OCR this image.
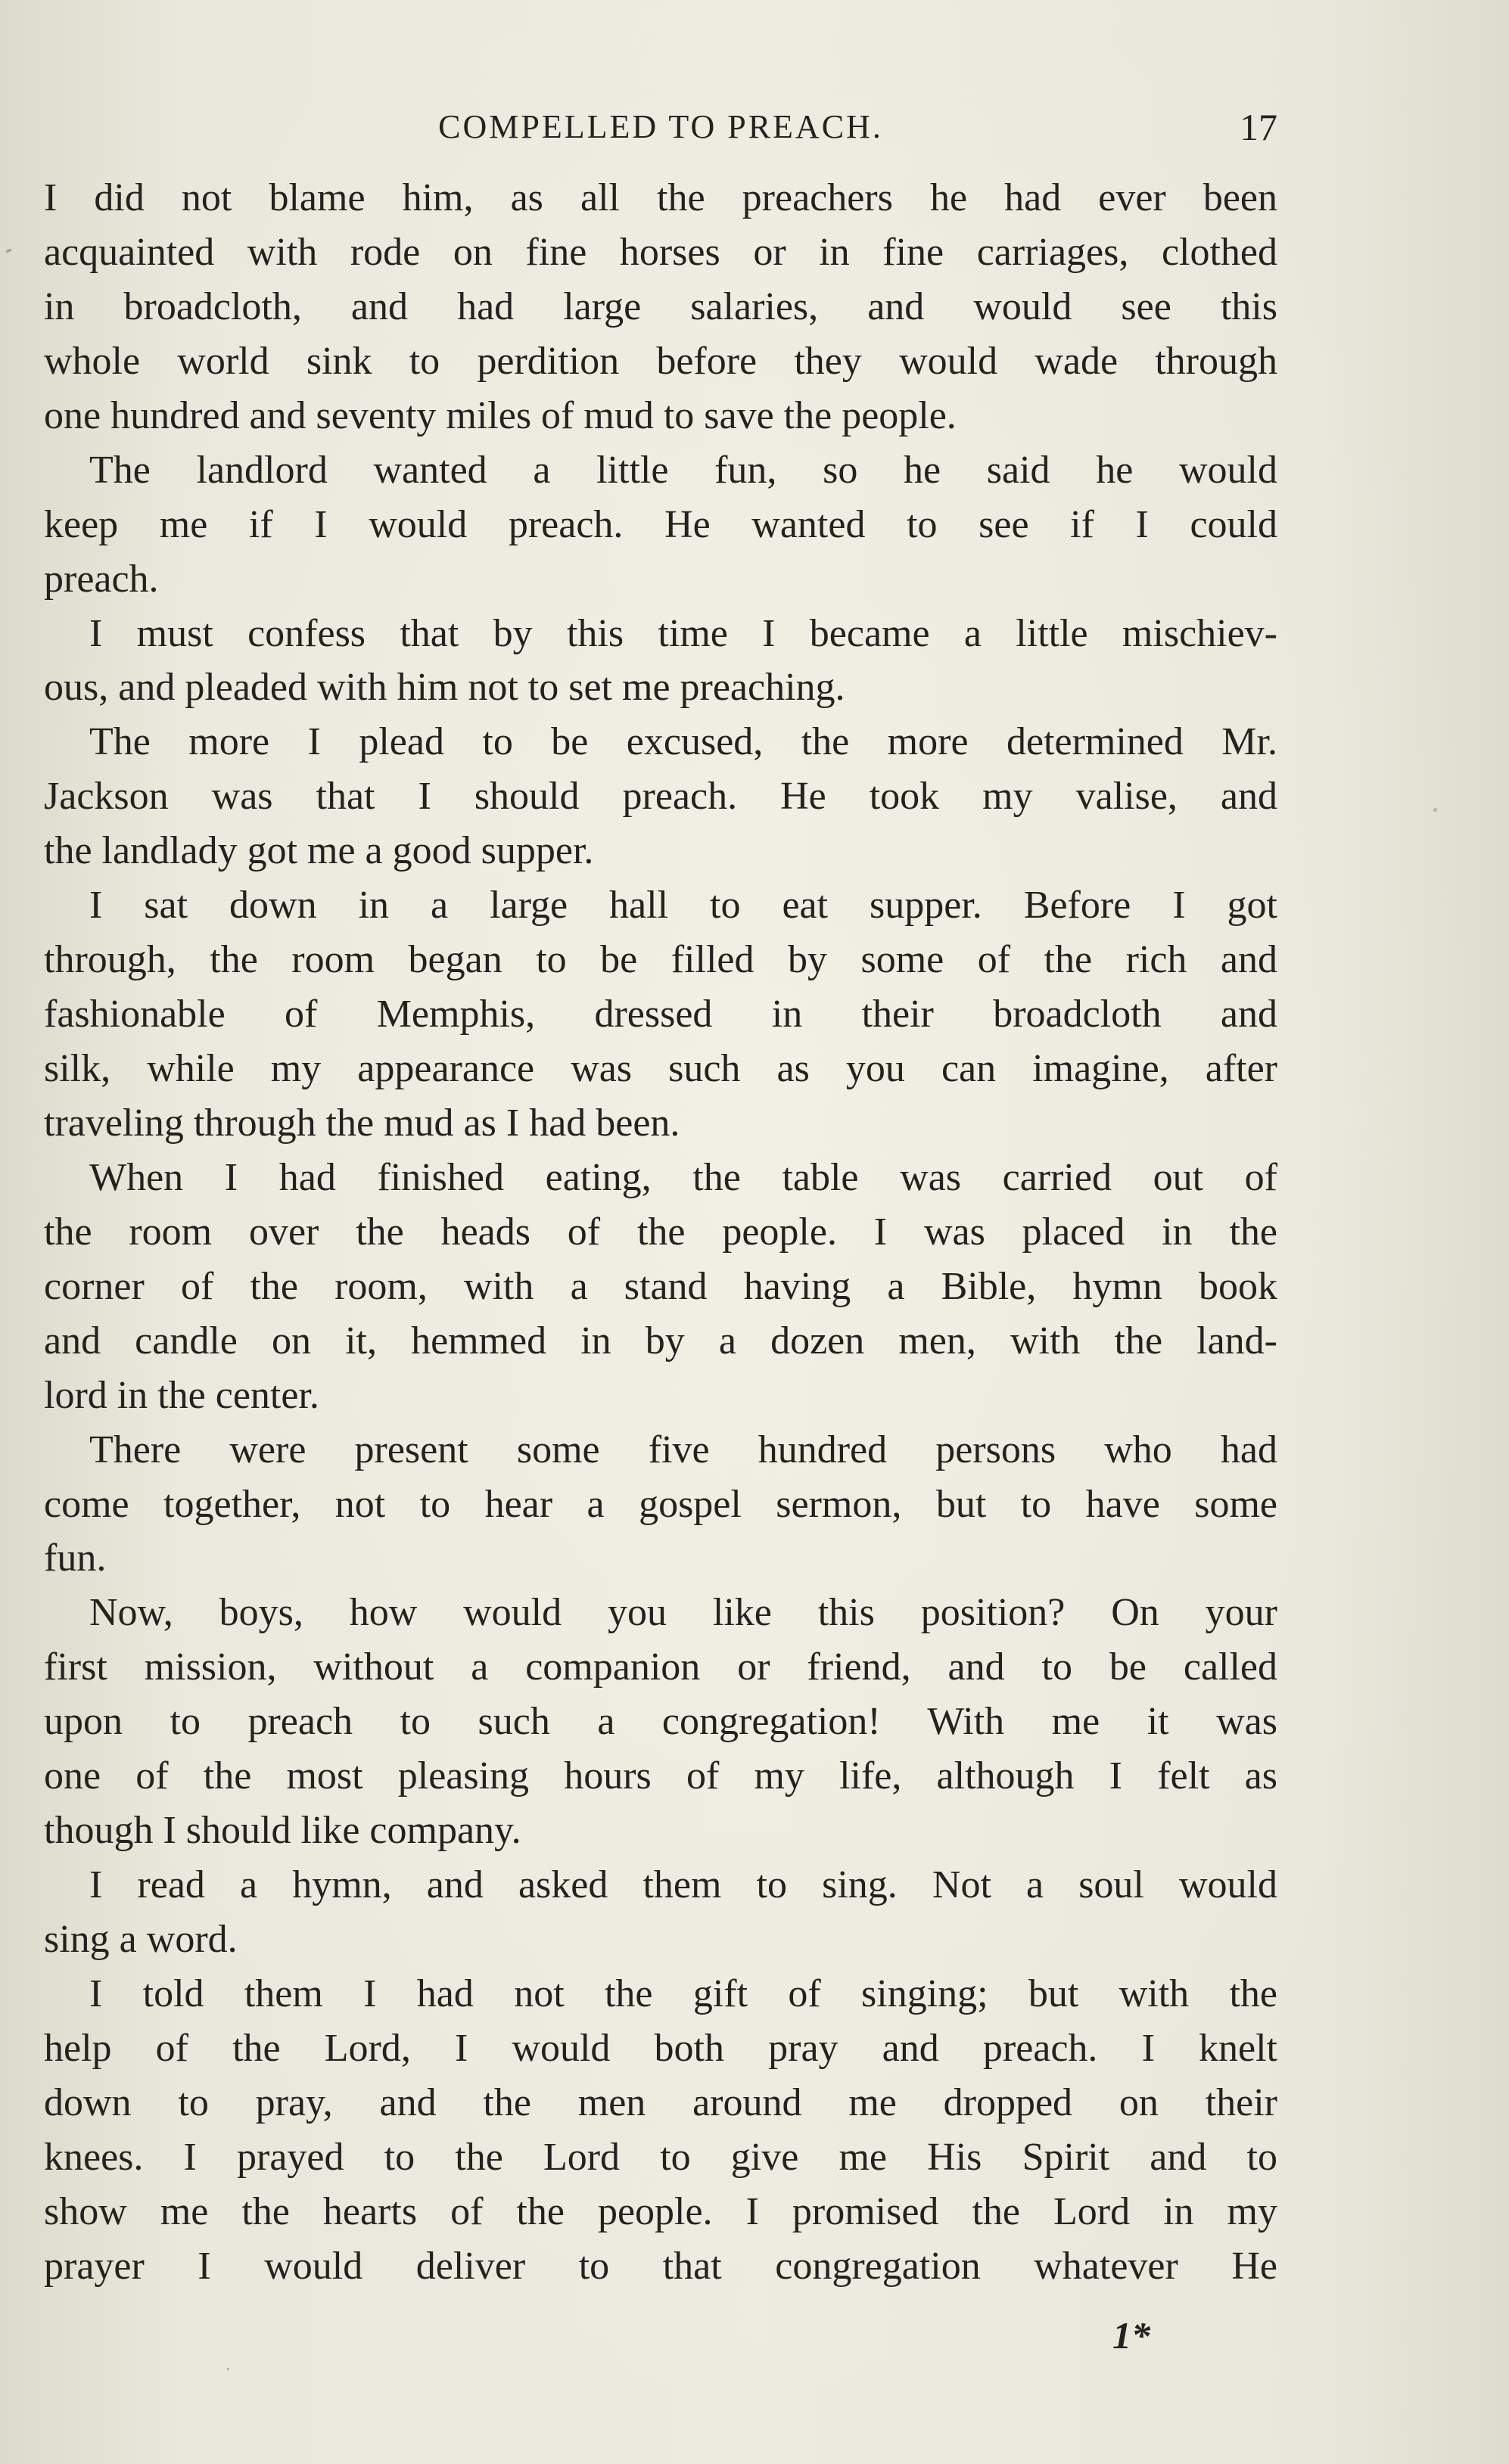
COMPELLED TO PREACH.	17
I did not blame him, as all the preachers he had ever been
acquainted with rode on fine horses or in fine carriages, clothed
in broadcloth, and had large salaries, and would see this
whole world sink to perdition before they would wade through
one hundred and seventy miles of mud to save the people.
The landlord wanted a little fun, so he said he would
keep me if I would preach. He wanted to see if I could
preach.
I must confess that by this time I became a little mischiev-
ous, and pleaded with him not to set me preaching.
The more I plead to be excused, the more determined Mr.
Jackson was that I should preach. He took my valise, and
the landlady got me a good supper.
I sat down in a large hall to eat supper. Before I got
through, the room began to be filled by some of the rich and
fashionable of Memphis, dressed in their broadcloth and
silk, while my appearance was such as you can imagine, after
traveling through the mud as I had been.
When I had finished eating, the table was carried out of
the room over the heads of the people. I was placed in the
corner of the room, with a stand having a Bible, hymn book
and candle on it, hemmed in by a dozen men, with the land-
lord in the center.
There were present some five hundred persons who had
come together, not to hear a gospel sermon, but to have some
fun.
Now, boys, how would you like this position? On your
first mission, without a companion or friend, and to be called
upon to preach to such a congregation! With me it was
one of the most pleasing hours of my life, although I felt as
though I should like company.
I read a hymn, and asked them to sing. Not a soul would
sing a word.
I told them I had not the gift of singing; but with the
help of the Lord, I would both pray and preach. I knelt
down to pray, and the men around me dropped on their
knees. I prayed to the Lord to give me His Spirit and to
show me the hearts of the people. I promised the Lord in my
prayer I would deliver to that congregation whatever He
1*
